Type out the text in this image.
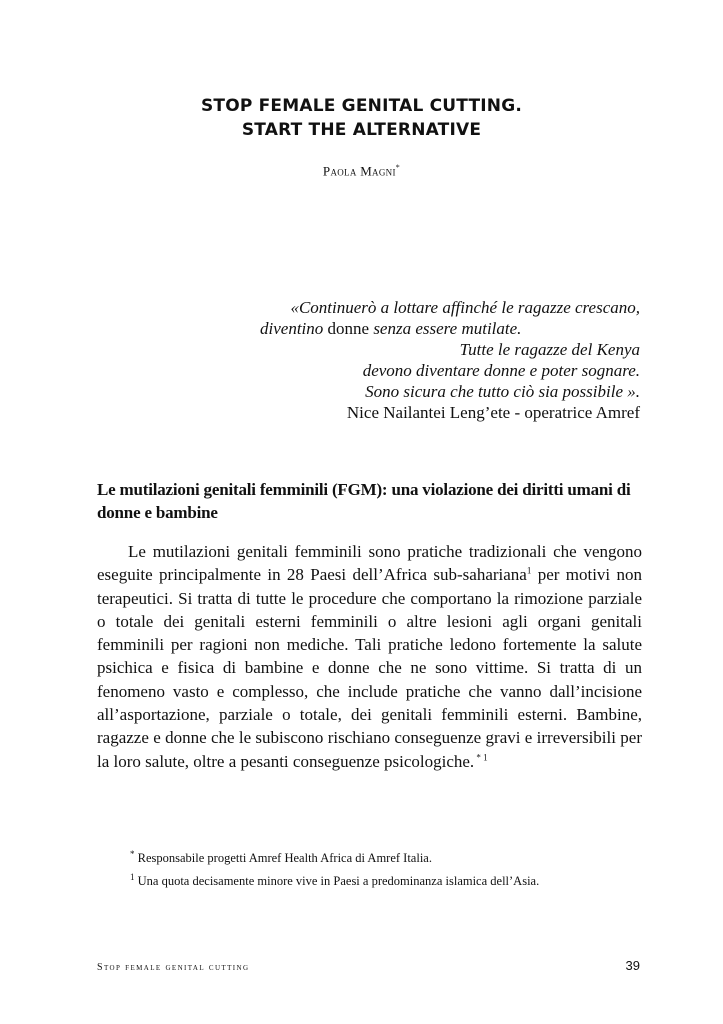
STOP FEMALE GENITAL CUTTING.
START THE ALTERNATIVE
Paola Magni*
«Continuerò a lottare affinché le ragazze crescano,
diventino donne senza essere mutilate.
Tutte le ragazze del Kenya
devono diventare donne e poter sognare.
Sono sicura che tutto ciò sia possibile ».
Nice Nailantei Leng’ete - operatrice Amref
Le mutilazioni genitali femminili (FGM): una violazione dei diritti umani di donne e bambine
Le mutilazioni genitali femminili sono pratiche tradizionali che vengono eseguite principalmente in 28 Paesi dell’Africa sub-sahariana$^1$ per motivi non terapeutici. Si tratta di tutte le procedure che comportano la rimozione parziale o totale dei genitali esterni femminili o altre lesioni agli organi genitali femminili per ragioni non mediche. Tali pratiche ledono fortemente la salute psichica e fisica di bambine e donne che ne sono vittime. Si tratta di un fenomeno vasto e complesso, che include pratiche che vanno dall’incisione all’asportazione, parziale o totale, dei genitali femminili esterni. Bambine, ragazze e donne che le subiscono rischiano conseguenze gravi e irreversibili per la loro salute, oltre a pesanti conseguenze psicologiche. $^{* 1}$
* Responsabile progetti Amref Health Africa di Amref Italia.
$^1$ Una quota decisamente minore vive in Paesi a predominanza islamica dell’Asia.
Stop female genital cutting	39
